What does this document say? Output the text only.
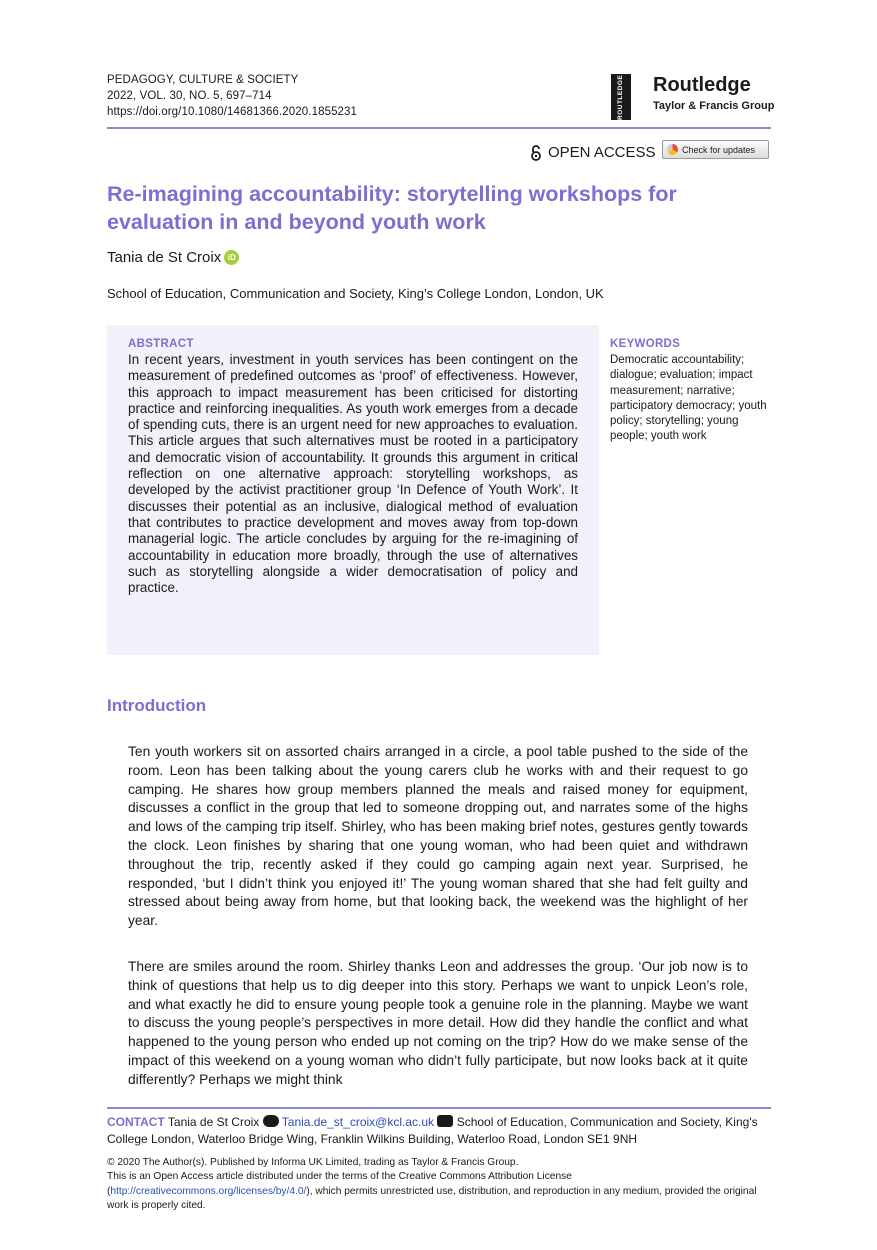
PEDAGOGY, CULTURE & SOCIETY
2022, VOL. 30, NO. 5, 697–714
https://doi.org/10.1080/14681366.2020.1855231	ROUTLEDGE	Routledge
Taylor & Francis Group
OPEN ACCESS	Check for updates
Re-imagining accountability: storytelling workshops for evaluation in and beyond youth work
Tania de St Croix iD
School of Education, Communication and Society, King’s College London, London, UK
ABSTRACT
In recent years, investment in youth services has been contingent on the measurement of predefined outcomes as ‘proof’ of effectiveness. However, this approach to impact measurement has been criticised for distorting practice and reinforcing inequalities. As youth work emerges from a decade of spending cuts, there is an urgent need for new approaches to evaluation. This article argues that such alternatives must be rooted in a participatory and democratic vision of accountability. It grounds this argument in critical reflection on one alternative approach: storytelling workshops, as developed by the activist practitioner group ‘In Defence of Youth Work’. It discusses their potential as an inclusive, dialogical method of evaluation that contributes to practice development and moves away from top-down managerial logic. The article concludes by arguing for the re-imagining of accountability in education more broadly, through the use of alternatives such as storytelling alongside a wider democratisation of policy and practice.
KEYWORDS
Democratic accountability; dialogue; evaluation; impact measurement; narrative; participatory democracy; youth policy; storytelling; young people; youth work
Introduction
Ten youth workers sit on assorted chairs arranged in a circle, a pool table pushed to the side of the room. Leon has been talking about the young carers club he works with and their request to go camping. He shares how group members planned the meals and raised money for equipment, discusses a conflict in the group that led to someone dropping out, and narrates some of the highs and lows of the camping trip itself. Shirley, who has been making brief notes, gestures gently towards the clock. Leon finishes by sharing that one young woman, who had been quiet and withdrawn throughout the trip, recently asked if they could go camping again next year. Surprised, he responded, ‘but I didn’t think you enjoyed it!’ The young woman shared that she had felt guilty and stressed about being away from home, but that looking back, the weekend was the highlight of her year.
There are smiles around the room. Shirley thanks Leon and addresses the group. ‘Our job now is to think of questions that help us to dig deeper into this story. Perhaps we want to unpick Leon’s role, and what exactly he did to ensure young people took a genuine role in the planning. Maybe we want to discuss the young people’s perspectives in more detail. How did they handle the conflict and what happened to the young person who ended up not coming on the trip? How do we make sense of the impact of this weekend on a young woman who didn’t fully participate, but now looks back at it quite differently? Perhaps we might think
CONTACT Tania de St Croix Tania.de_st_croix@kcl.ac.uk School of Education, Communication and Society, King's College London, Waterloo Bridge Wing, Franklin Wilkins Building, Waterloo Road, London SE1 9NH
© 2020 The Author(s). Published by Informa UK Limited, trading as Taylor & Francis Group.
This is an Open Access article distributed under the terms of the Creative Commons Attribution License (http://creativecommons.org/licenses/by/4.0/), which permits unrestricted use, distribution, and reproduction in any medium, provided the original work is properly cited.
